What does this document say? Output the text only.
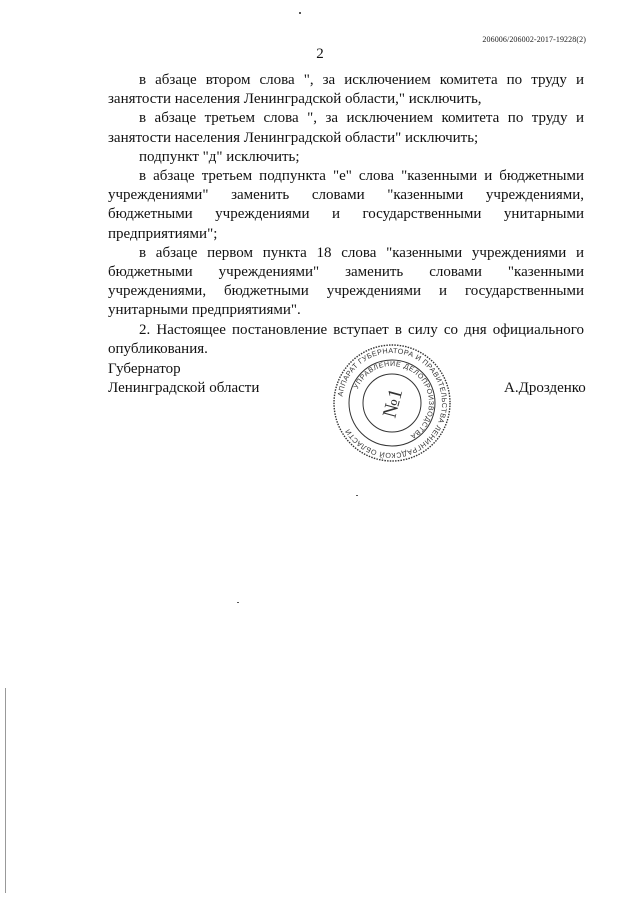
206006/206002-2017-19228(2)
2

в абзаце втором слова ", за исключением комитета по труду и занятости населения Ленинградской области," исключить,

в абзаце третьем слова ", за исключением комитета по труду и занятости населения Ленинградской области" исключить;

подпункт "д" исключить;

в абзаце третьем подпункта "е" слова "казенными и бюджетными учреждениями" заменить словами "казенными учреждениями, бюджетными учреждениями и государственными унитарными предприятиями";

в абзаце первом пункта 18 слова "казенными учреждениями и бюджетными учреждениями" заменить словами "казенными учреждениями, бюджетными учреждениями и государственными унитарными предприятиями".

2. Настоящее постановление вступает в силу со дня официального опубликования.

Губернатор
Ленинградской области	А.Дрозденко
АППАРАТ ГУБЕРНАТОРА И ПРАВИТЕЛЬСТВА ЛЕНИНГРАДСКОЙ ОБЛАСТИ
УПРАВЛЕНИЕ ДЕЛОПРОИЗВОДСТВА
№1
